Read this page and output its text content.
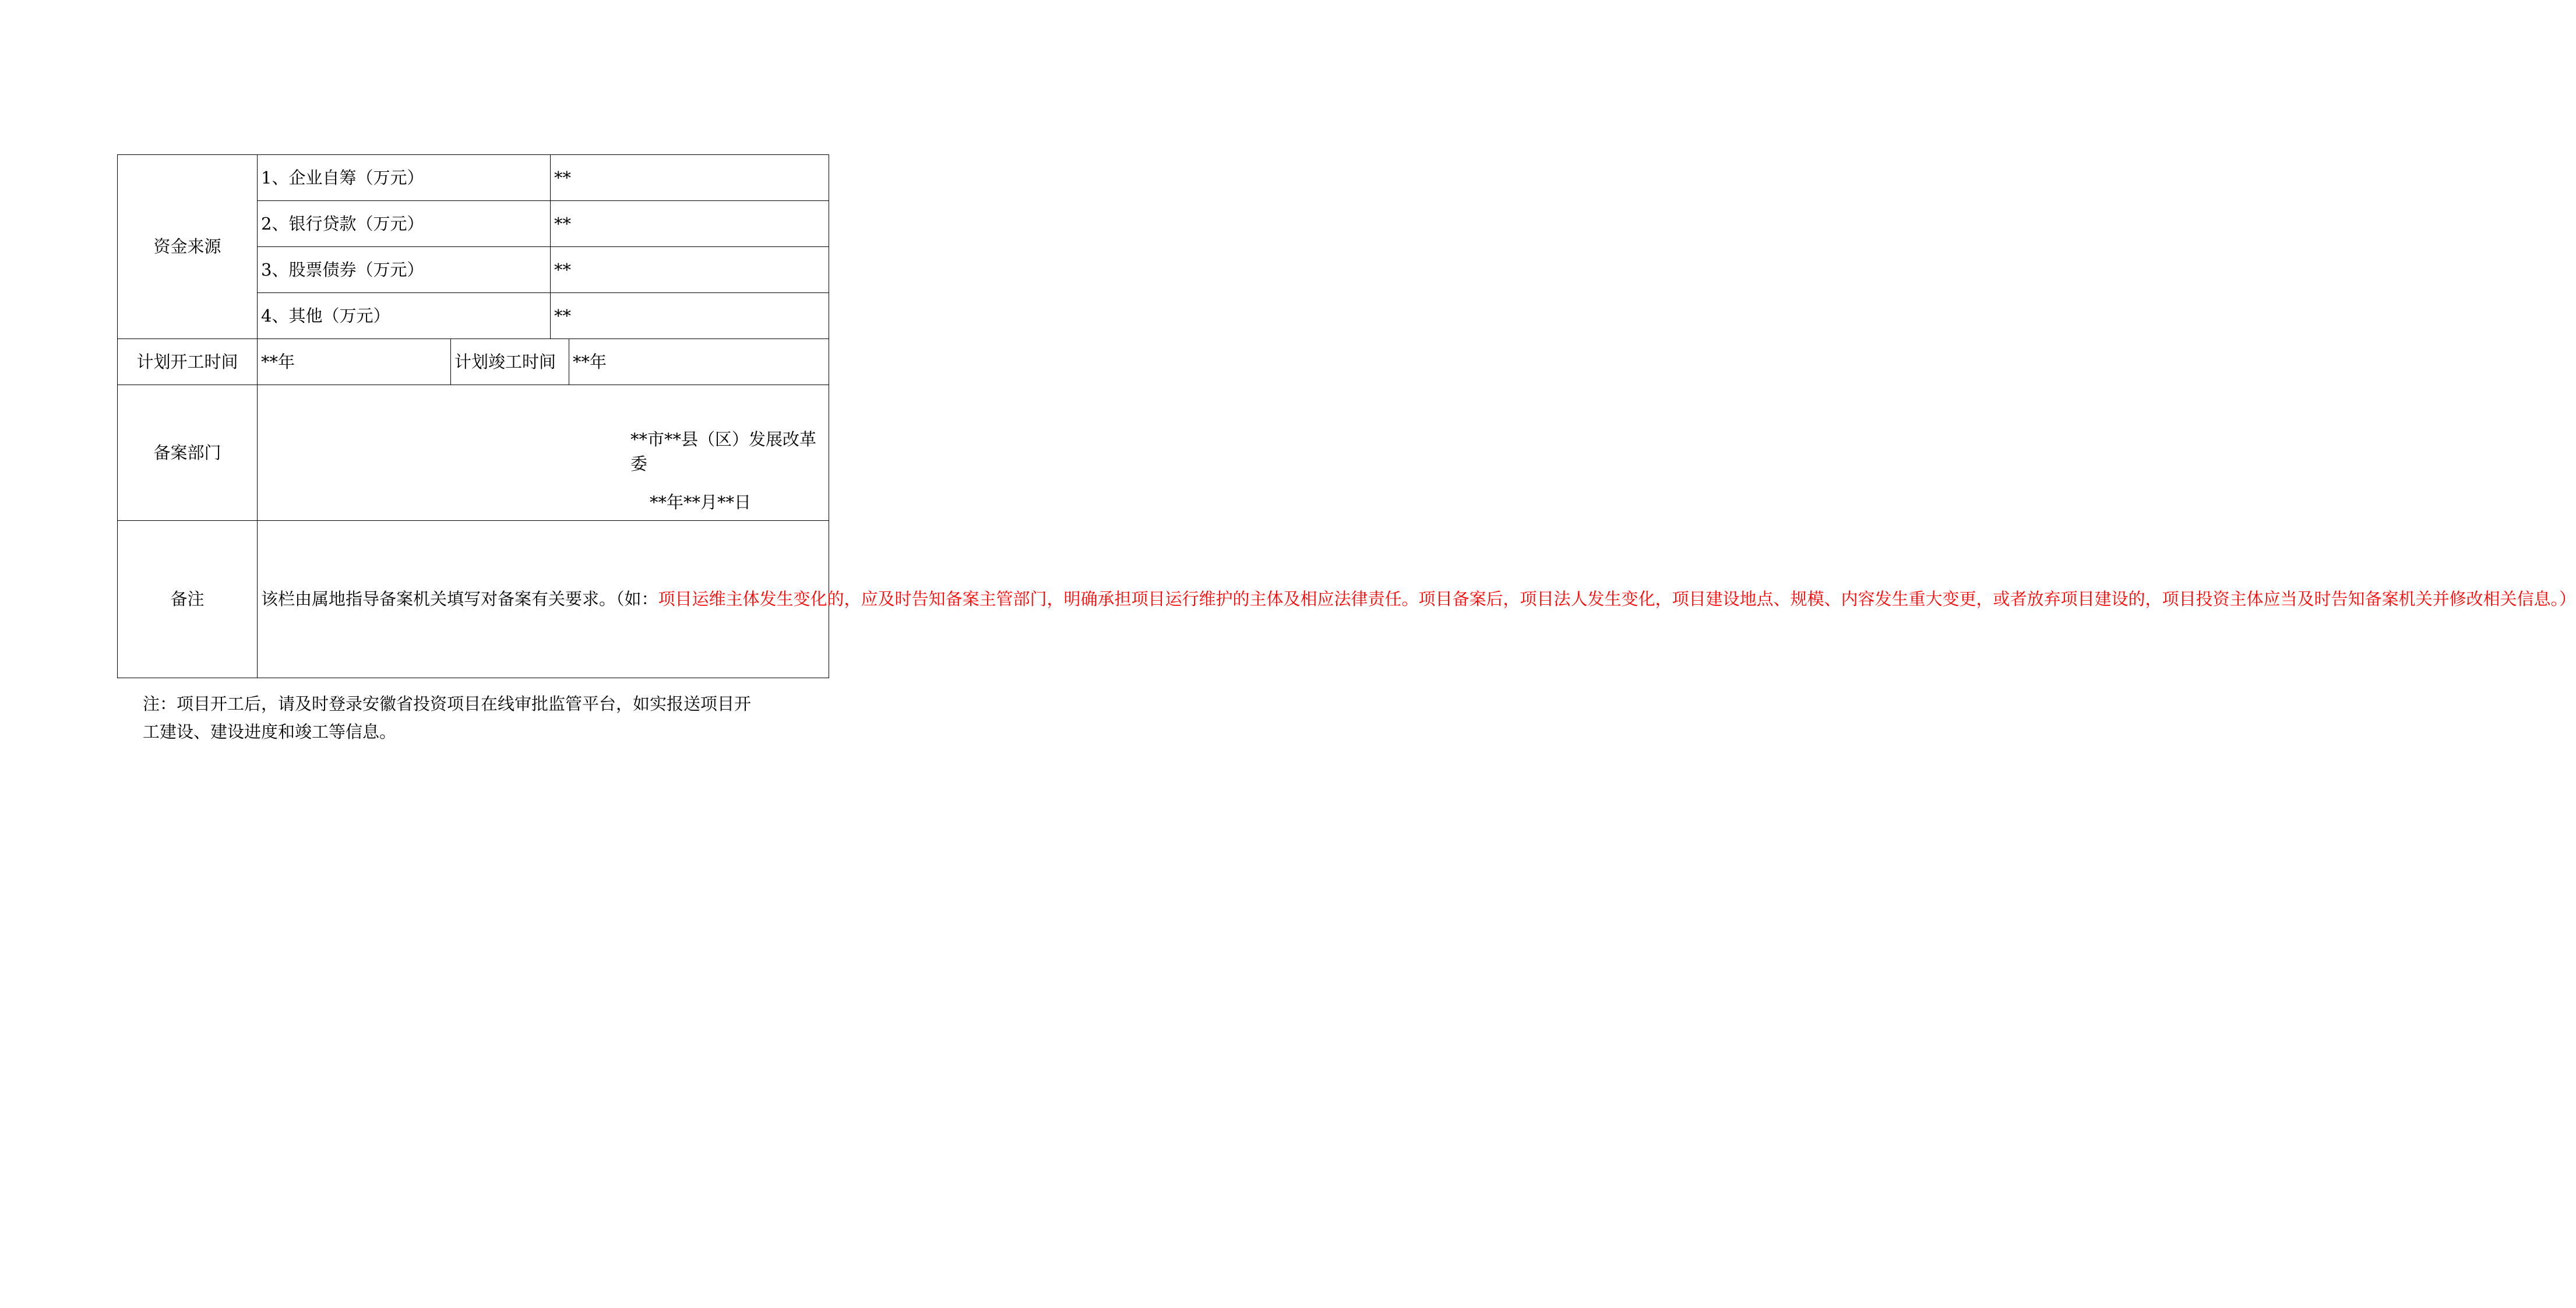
资金来源	1、企业自筹（万元）		**	
	2、银行贷款（万元）		**	
	3、股票债券（万元）		**	
	4、其他（万元）		**	
计划开工时间	**年	计划竣工时间		**年
备案部门	**市**县（区）发展改革委
**年**月**日			

备注	该栏由属地指导备案机关填写对备案有关要求。（如：项目运维主体发生变化的，应及时告知备案主管部门，明确承担项目运行维护的主体及相应法律责任。项目备案后，项目法人发生变化，项目建设地点、规模、内容发生重大变更，或者放弃项目建设的，项目投资主体应当及时告知备案机关并修改相关信息。）			
注：项目开工后，请及时登录安徽省投资项目在线审批监管平台，如实报送项目开
工建设、建设进度和竣工等信息。
